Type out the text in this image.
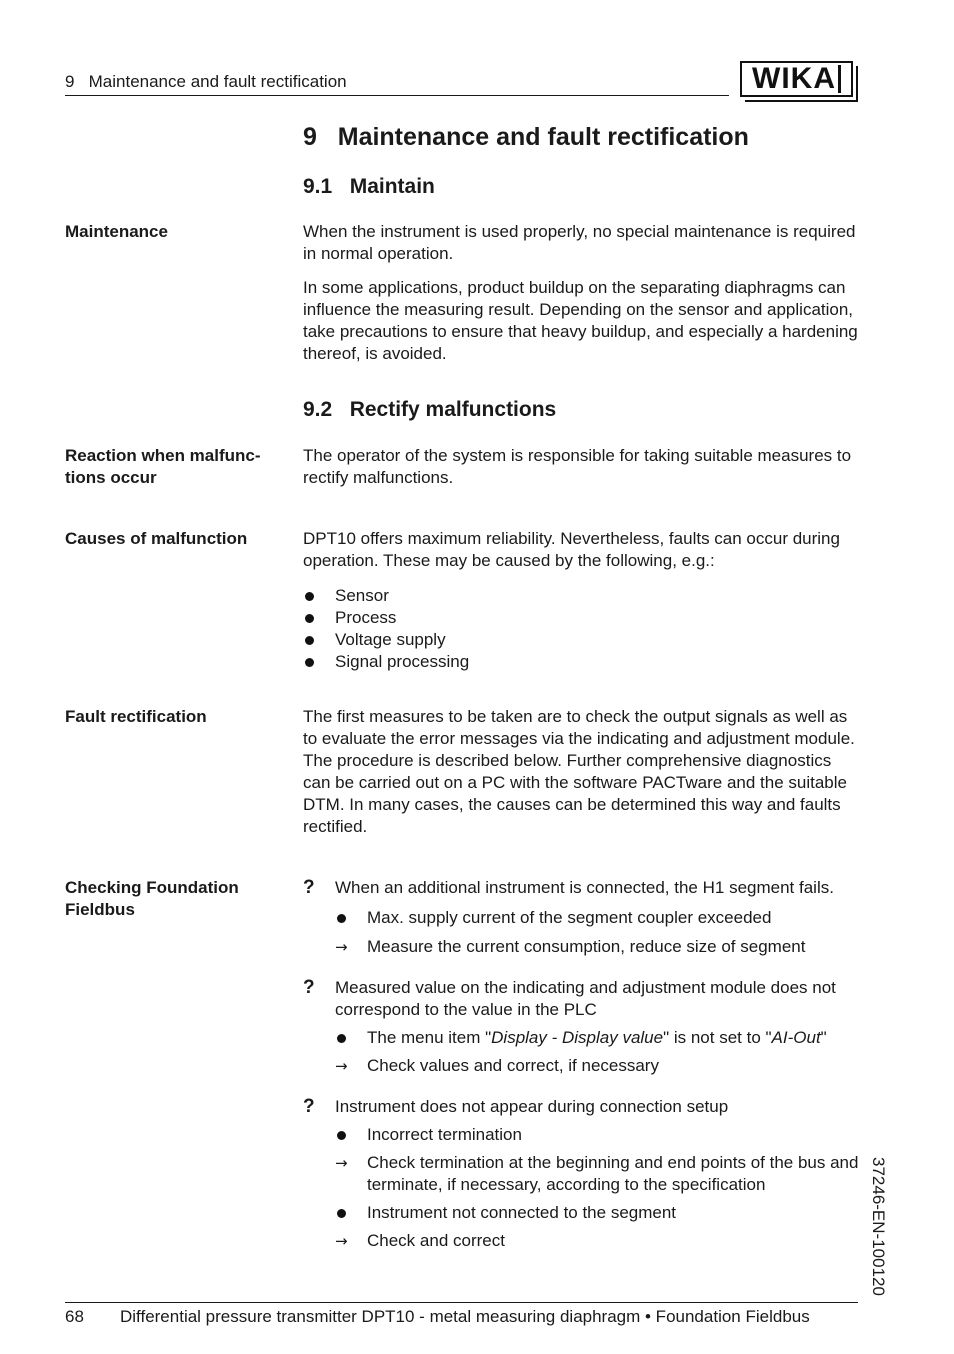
9   Maintenance and fault rectification	WIKA
9   Maintenance and fault rectification
9.1   Maintain
Maintenance	When the instrument is used properly, no special maintenance is required in normal operation.
In some applications, product buildup on the separating diaphragms can influence the measuring result. Depending on the sensor and application, take precautions to ensure that heavy buildup, and especially a hardening thereof, is avoided.
9.2   Rectify malfunctions
Reaction when malfunc-
tions occur
The operator of the system is responsible for taking suitable measures to rectify malfunctions.
Causes of malfunction	DPT10 offers maximum reliability. Nevertheless, faults can occur during operation. These may be caused by the following, e.g.:
Sensor
Process
Voltage supply
Signal processing
Fault rectification	The first measures to be taken are to check the output signals as well as to evaluate the error messages via the indicating and adjustment module. The procedure is described below. Further comprehensive diagnostics can be carried out on a PC with the software PACTware and the suitable DTM. In many cases, the causes can be determined this way and faults rectified.
Checking Foundation
Fieldbus
? When an additional instrument is connected, the H1 segment fails.
Max. supply current of the segment coupler exceeded
→ Measure the current consumption, reduce size of segment
? Measured value on the indicating and adjustment module does not correspond to the value in the PLC
The menu item "Display - Display value" is not set to "AI-Out"
→ Check values and correct, if necessary
? Instrument does not appear during connection setup
Incorrect termination
→ Check termination at the beginning and end points of the bus and terminate, if necessary, according to the specification
Instrument not connected to the segment
→ Check and correct	37246-EN-100120
68 Differential pressure transmitter DPT10 - metal measuring diaphragm • Foundation Fieldbus
